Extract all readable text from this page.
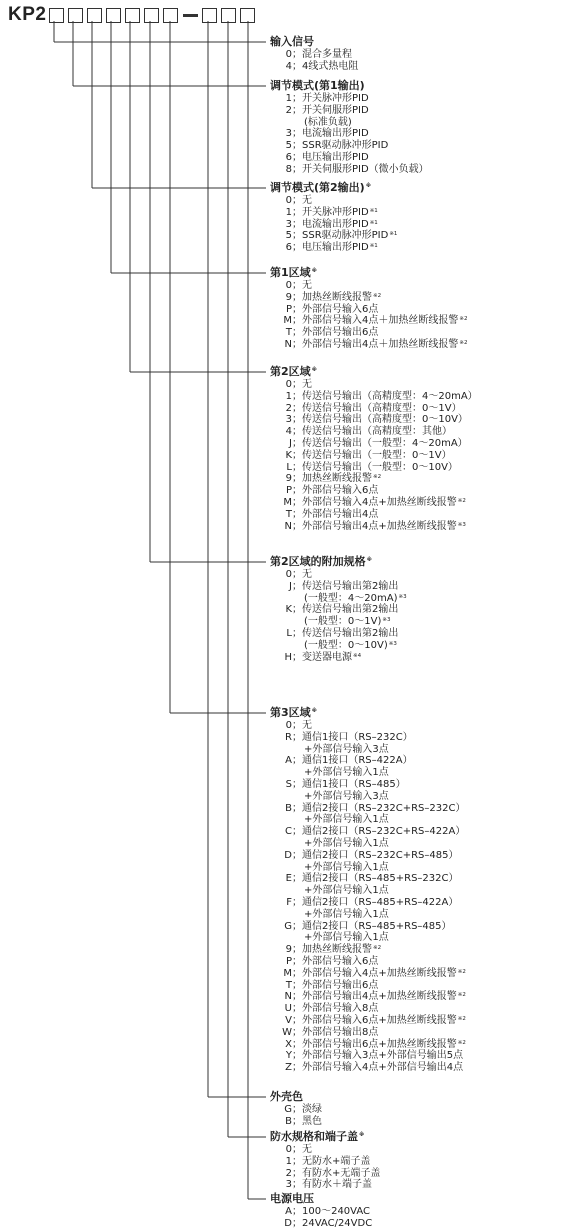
KP2
输入信号
0；混合多量程
4；4线式热电阻
调节模式(第1输出)
1；开关脉冲形PID
2；开关伺服形PID
(标准负载)
3；电流输出形PID
5；SSR驱动脉冲形PID
6；电压输出形PID
8；开关伺服形PID（微小负载）
调节模式(第2输出)※
0；无
1；开关脉冲形PID$^{※1}$
3；电流输出形PID$^{※1}$
5；SSR驱动脉冲形PID$^{※1}$
6；电压输出形PID$^{※1}$
第1区域※
0；无
9；加热丝断线报警$^{※2}$
P；外部信号输入6点
M；外部信号输入4点＋加热丝断线报警$^{※2}$
T；外部信号输出6点
N；外部信号输出4点＋加热丝断线报警$^{※2}$
第2区域※
0；无
1；传送信号输出（高精度型：4～20mA）
2；传送信号输出（高精度型：0～1V）
3；传送信号输出（高精度型：0～10V）
4；传送信号输出（高精度型：其他）
J；传送信号输出（一般型：4～20mA）
K；传送信号输出（一般型：0～1V）
L；传送信号输出（一般型：0～10V）
9；加热丝断线报警$^{※2}$
P；外部信号输入6点
M；外部信号输入4点+加热丝断线报警$^{※2}$
T；外部信号输出4点
N；外部信号输出4点+加热丝断线报警$^{※3}$
第2区域的附加规格※
0；无
J；传送信号输出第2输出
(一般型：4～20mA)$^{※3}$
K；传送信号输出第2输出
(一般型：0～1V)$^{※3}$
L；传送信号输出第2输出
(一般型：0～10V)$^{※3}$
H；变送器电源$^{※4}$
第3区域※
0；无
R；通信1接口（RS–232C）
+外部信号输入3点
A；通信1接口（RS–422A）
+外部信号输入1点
S；通信1接口（RS–485）
+外部信号输入3点
B；通信2接口（RS–232C+RS–232C）
+外部信号输入1点
C；通信2接口（RS–232C+RS–422A）
+外部信号输入1点
D；通信2接口（RS–232C+RS–485）
+外部信号输入1点
E；通信2接口（RS–485+RS–232C）
+外部信号输入1点
F；通信2接口（RS–485+RS–422A）
+外部信号输入1点
G；通信2接口（RS–485+RS–485）
+外部信号输入1点
9；加热丝断线报警$^{※2}$
P；外部信号输入6点
M；外部信号输入4点+加热丝断线报警$^{※2}$
T；外部信号输出6点
N；外部信号输出4点+加热丝断线报警$^{※2}$
U；外部信号输入8点
V；外部信号输入6点+加热丝断线报警$^{※2}$
W；外部信号输出8点
X；外部信号输出6点+加热丝断线报警$^{※2}$
Y；外部信号输入3点+外部信号输出5点
Z；外部信号输入4点+外部信号输出4点
外壳色
G；淡绿
B；黑色
防水规格和端子盖※
0；无
1；无防水+端子盖
2；有防水+无端子盖
3；有防水＋端子盖
电源电压
A；100～240VAC
D；24VAC/24VDC
